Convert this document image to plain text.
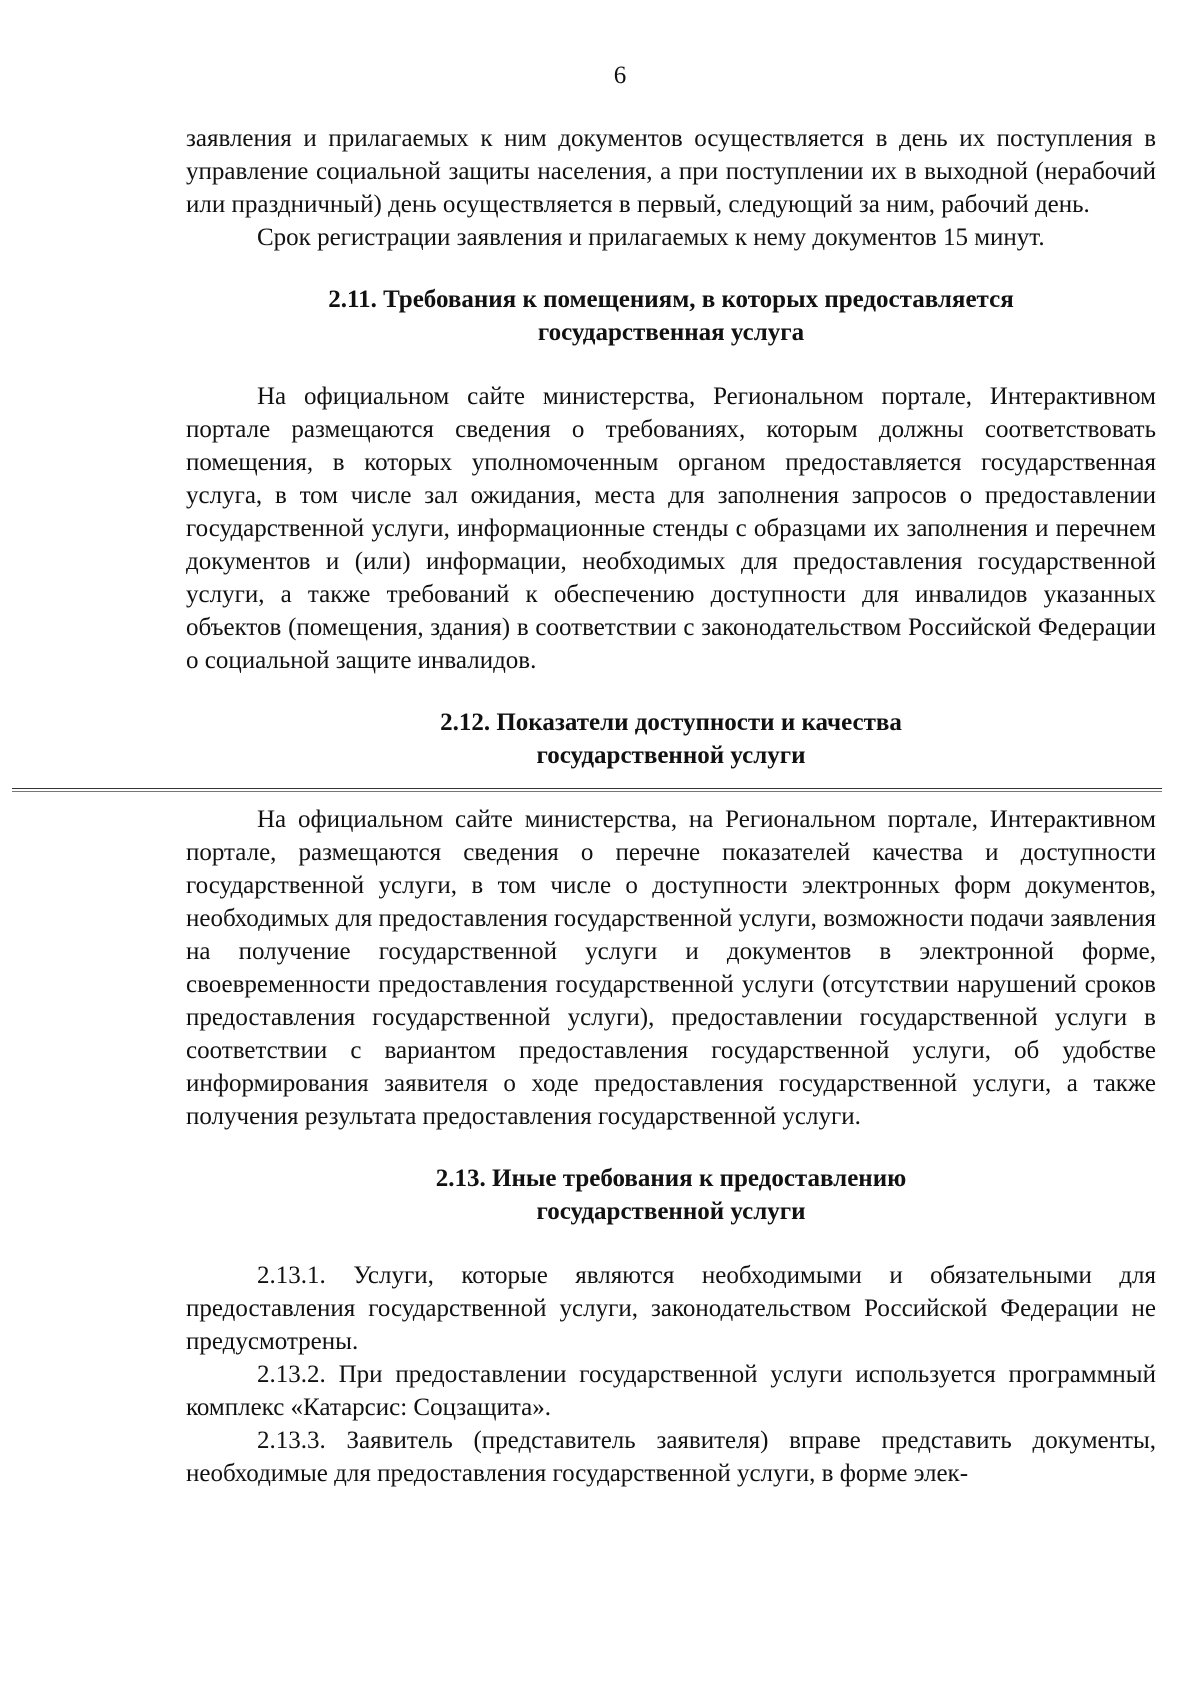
6

заявления и прилагаемых к ним документов осуществляется в день их поступления в управление социальной защиты населения, а при поступлении их в выходной (нерабочий или праздничный) день осуществляется в первый, следующий за ним, рабочий день.

Срок регистрации заявления и прилагаемых к нему документов 15 минут.

2.11. Требования к помещениям, в которых предоставляется
государственная услуга

На официальном сайте министерства, Региональном портале, Интерактивном портале размещаются сведения о требованиях, которым должны соответствовать помещения, в которых уполномоченным органом предоставляется государственная услуга, в том числе зал ожидания, места для заполнения запросов о предоставлении государственной услуги, информационные стенды с образцами их заполнения и перечнем документов и (или) информации, необходимых для предоставления государственной услуги, а также требований к обеспечению доступности для инвалидов указанных объектов (помещения, здания) в соответствии с законодательством Российской Федерации о социальной защите инвалидов.

2.12. Показатели доступности и качества
государственной услуги

На официальном сайте министерства, на Региональном портале, Интерактивном портале, размещаются сведения о перечне показателей качества и доступности государственной услуги, в том числе о доступности электронных форм документов, необходимых для предоставления государственной услуги, возможности подачи заявления на получение государственной услуги и документов в электронной форме, своевременности предоставления государственной услуги (отсутствии нарушений сроков предоставления государственной услуги), предоставлении государственной услуги в соответствии с вариантом предоставления государственной услуги, об удобстве информирования заявителя о ходе предоставления государственной услуги, а также получения результата предоставления государственной услуги.

2.13. Иные требования к предоставлению
государственной услуги

2.13.1. Услуги, которые являются необходимыми и обязательными для предоставления государственной услуги, законодательством Российской Федерации не предусмотрены.

2.13.2. При предоставлении государственной услуги используется программный комплекс «Катарсис: Соцзащита».

2.13.3. Заявитель (представитель заявителя) вправе представить документы, необходимые для предоставления государственной услуги, в форме элек-
